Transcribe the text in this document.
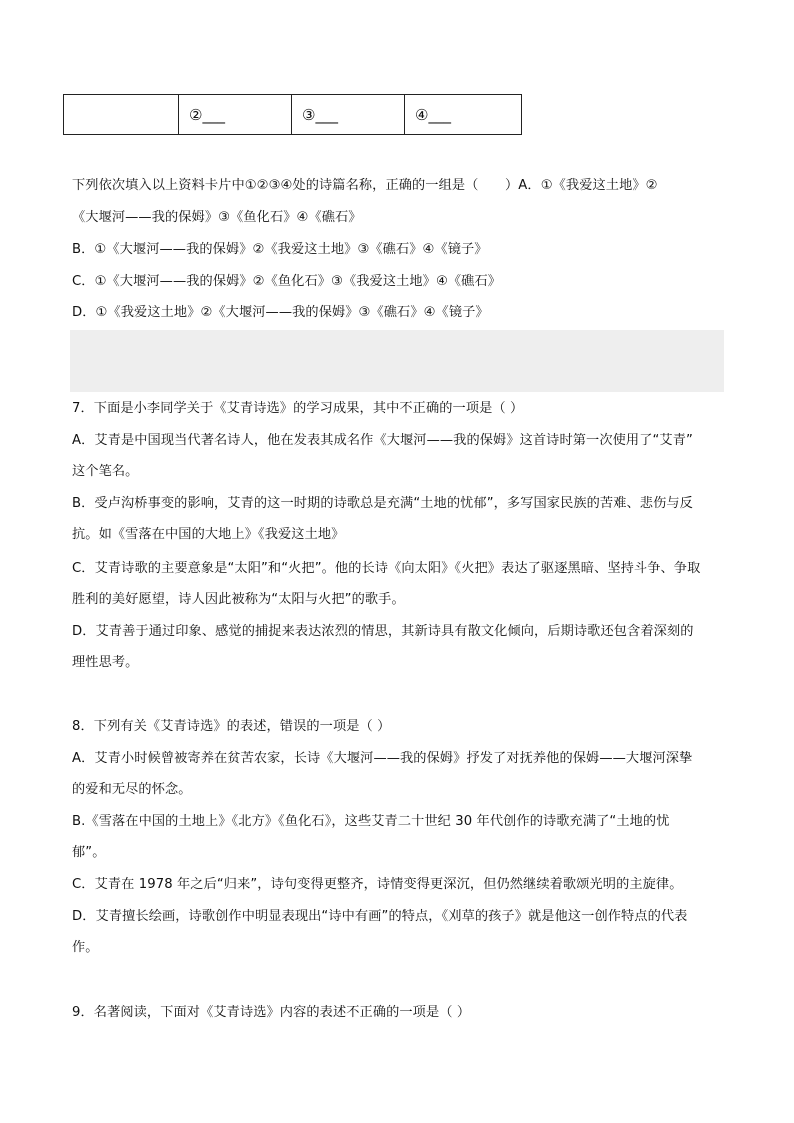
	②___	③___	④___
下列依次填入以上资料卡片中①②③④处的诗篇名称，正确的一组是（　　）A．①《我爱这土地》②
《大堰河——我的保姆》③《鱼化石》④《礁石》
B．①《大堰河——我的保姆》②《我爱这土地》③《礁石》④《镜子》
C．①《大堰河——我的保姆》②《鱼化石》③《我爱这土地》④《礁石》
D．①《我爱这土地》②《大堰河——我的保姆》③《礁石》④《镜子》
7．下面是小李同学关于《艾青诗选》的学习成果，其中不正确的一项是（ ）
A．艾青是中国现当代著名诗人，他在发表其成名作《大堰河——我的保姆》这首诗时第一次使用了“艾青”
这个笔名。
B．受卢沟桥事变的影响，艾青的这一时期的诗歌总是充满“土地的忧郁”，多写国家民族的苦难、悲伤与反
抗。如《雪落在中国的大地上》《我爱这土地》
C．艾青诗歌的主要意象是“太阳”和“火把”。他的长诗《向太阳》《火把》表达了驱逐黑暗、坚持斗争、争取
胜利的美好愿望，诗人因此被称为“太阳与火把”的歌手。
D．艾青善于通过印象、感觉的捕捉来表达浓烈的情思，其新诗具有散文化倾向，后期诗歌还包含着深刻的
理性思考。
8．下列有关《艾青诗选》的表述，错误的一项是（ ）
A．艾青小时候曾被寄养在贫苦农家，长诗《大堰河——我的保姆》抒发了对抚养他的保姆——大堰河深挚
的爱和无尽的怀念。
B.《雪落在中国的土地上》《北方》《鱼化石》，这些艾青二十世纪 30 年代创作的诗歌充满了“土地的忧
郁”。
C．艾青在 1978 年之后“归来”，诗句变得更整齐，诗情变得更深沉，但仍然继续着歌颂光明的主旋律。
D．艾青擅长绘画，诗歌创作中明显表现出“诗中有画”的特点，《刈草的孩子》就是他这一创作特点的代表
作。
9．名著阅读，下面对《艾青诗选》内容的表述不正确的一项是（ ）
